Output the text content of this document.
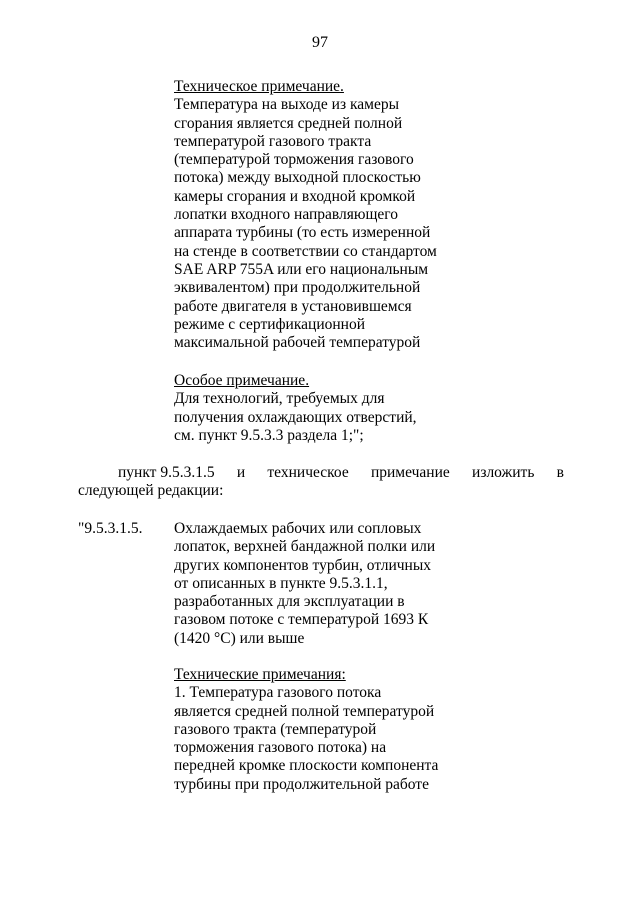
97
Техническое примечание.
Температура на выходе из камеры
сгорания является средней полной
температурой газового тракта
(температурой торможения газового
потока) между выходной плоскостью
камеры сгорания и входной кромкой
лопатки входного направляющего
аппарата турбины (то есть измеренной
на стенде в соответствии со стандартом
SAE ARP 755A или его национальным
эквивалентом) при продолжительной
работе двигателя в установившемся
режиме с сертификационной
максимальной рабочей температурой
Особое примечание.
Для технологий, требуемых для
получения охлаждающих отверстий,
см. пункт 9.5.3.3 раздела 1;";
пункт 9.5.3.1.5 и техническое примечание изложить в
следующей редакции:
"9.5.3.1.5. Охлаждаемых рабочих или сопловых
лопаток, верхней бандажной полки или
других компонентов турбин, отличных
от описанных в пункте 9.5.3.1.1,
разработанных для эксплуатации в
газовом потоке с температурой 1693 К
(1420 °С) или выше
Технические примечания:
1. Температура газового потока
является средней полной температурой
газового тракта (температурой
торможения газового потока) на
передней кромке плоскости компонента
турбины при продолжительной работе
